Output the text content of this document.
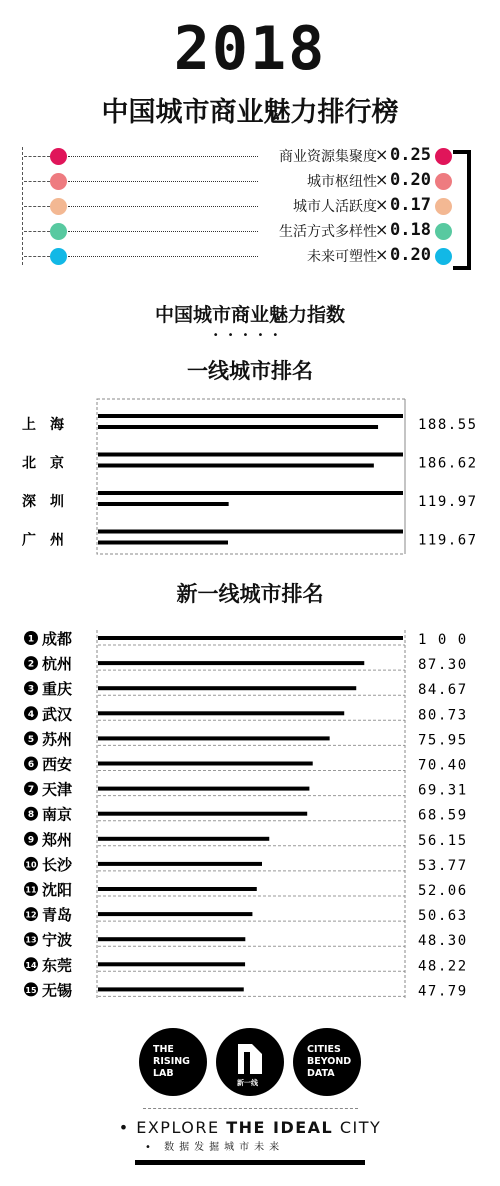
2018
中国城市商业魅力排行榜
商业资源集聚度
× 0.25
城市枢纽性
× 0.20
城市人活跃度
× 0.17
生活方式多样性
× 0.18
未来可塑性
× 0.20
中国城市商业魅力指数
•••••
一线城市排名
新一线城市排名
上　海	188.55
北　京	186.62
深　圳	119.97
广　州	119.67
1 成都	1 0 0
2 杭州	87.30
3 重庆	84.67
4 武汉	80.73
5 苏州	75.95
6 西安	70.40
7 天津	69.31
8 南京	68.59
9 郑州	56.15
10 长沙	53.77
11 沈阳	52.06
12 青岛	50.63
13 宁波	48.30
14 东莞	48.22
15 无锡	47.79
THE
RISING
LAB
新一线
CITIES
BEYOND
DATA
• EXPLORE THE IDEAL CITY
• 数据发掘城市未来
